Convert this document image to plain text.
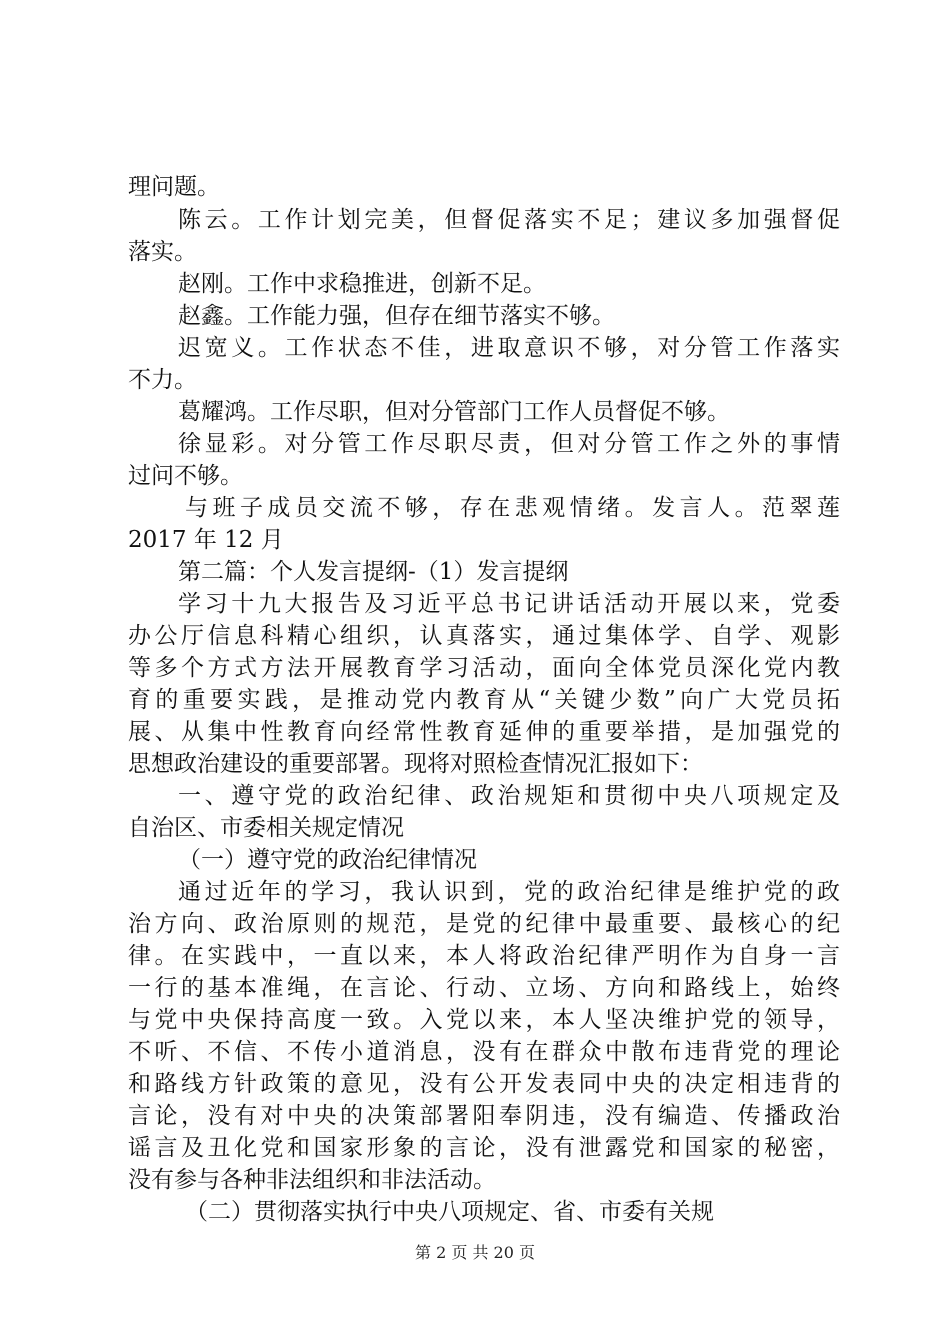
理问题。
陈云。工作计划完美，但督促落实不足；建议多加强督促
落实。
赵刚。工作中求稳推进，创新不足。
赵鑫。工作能力强，但存在细节落实不够。
迟宽义。工作状态不佳，进取意识不够，对分管工作落实
不力。
葛耀鸿。工作尽职，但对分管部门工作人员督促不够。
徐显彩。对分管工作尽职尽责，但对分管工作之外的事情
过问不够。
与班子成员交流不够，存在悲观情绪。发言人。范翠莲
2017 年 12 月
第二篇：个人发言提纲-（1）发言提纲
学习十九大报告及习近平总书记讲话活动开展以来，党委
办公厅信息科精心组织，认真落实，通过集体学、自学、观影
等多个方式方法开展教育学习活动，面向全体党员深化党内教
育的重要实践，是推动党内教育从“关键少数”向广大党员拓
展、从集中性教育向经常性教育延伸的重要举措，是加强党的
思想政治建设的重要部署。现将对照检查情况汇报如下：
一、遵守党的政治纪律、政治规矩和贯彻中央八项规定及
自治区、市委相关规定情况
（一）遵守党的政治纪律情况
通过近年的学习，我认识到，党的政治纪律是维护党的政
治方向、政治原则的规范，是党的纪律中最重要、最核心的纪
律。在实践中，一直以来，本人将政治纪律严明作为自身一言
一行的基本准绳，在言论、行动、立场、方向和路线上，始终
与党中央保持高度一致。入党以来，本人坚决维护党的领导，
不听、不信、不传小道消息，没有在群众中散布违背党的理论
和路线方针政策的意见，没有公开发表同中央的决定相违背的
言论，没有对中央的决策部署阳奉阴违，没有编造、传播政治
谣言及丑化党和国家形象的言论，没有泄露党和国家的秘密，
没有参与各种非法组织和非法活动。
（二）贯彻落实执行中央八项规定、省、市委有关规
第 2 页 共 20 页
